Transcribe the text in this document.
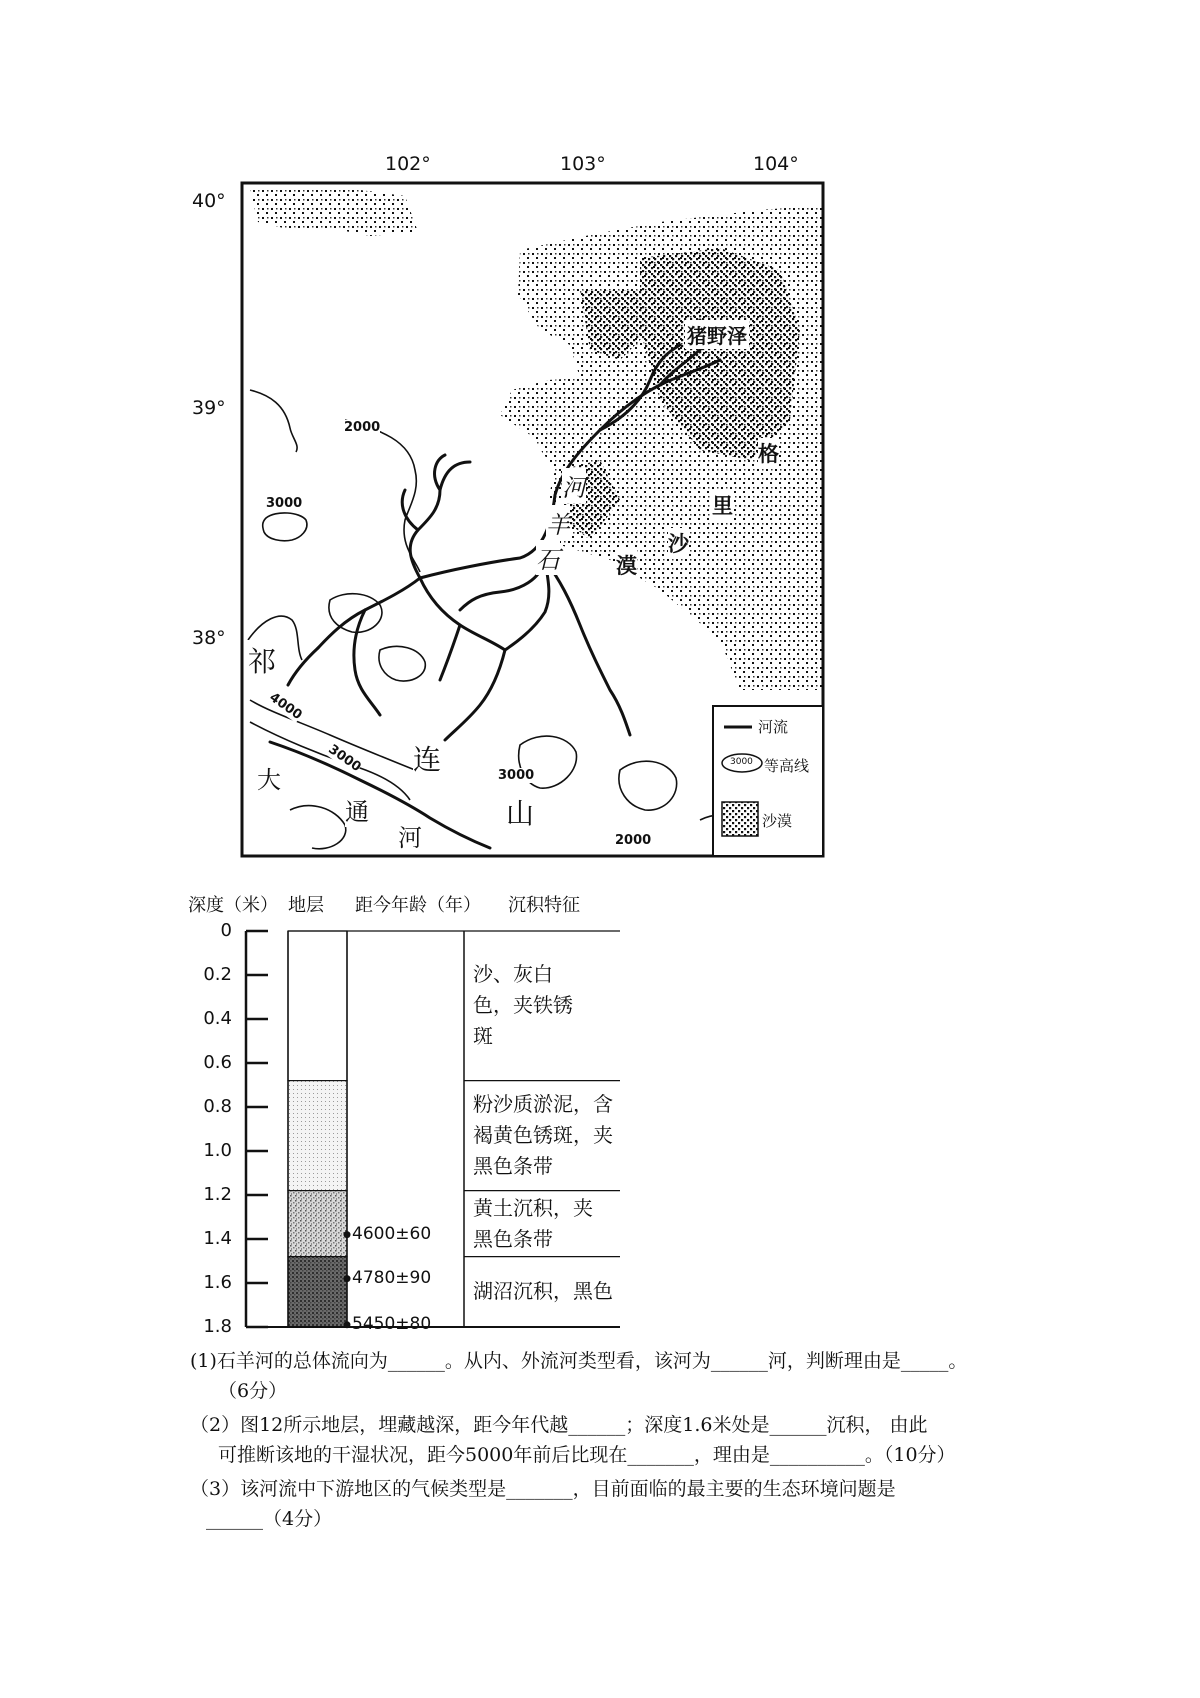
102°	103°	104°
40°
39°
38°
猪野泽
格
里
沙
漠
河
羊
石
祁
连
山
大
通
河
2000
3000
4000
3000
3000
2000
河流
3000 等高线
沙漠
深度（米） 地层 距今年龄（年） 沉积特征
0
0.2
0.4
0.6
0.8
1.0
1.2
1.4
1.6
1.8
4600±60
4780±90
5450±80
沙、灰白
色，夹铁锈
斑
粉沙质淤泥，含
褐黄色锈斑，夹
黑色条带
黄土沉积，夹
黑色条带
湖沼沉积，黑色
(1)石羊河的总体流向为______。从内、外流河类型看，该河为______河，判断理由是_____。
（6分）
（2）图12所示地层，埋藏越深，距今年代越______；深度1.6米处是______沉积， 由此
可推断该地的干湿状况，距今5000年前后比现在_______，理由是__________。（10分）
（3）该河流中下游地区的气候类型是_______，目前面临的最主要的生态环境问题是
______（4分）
